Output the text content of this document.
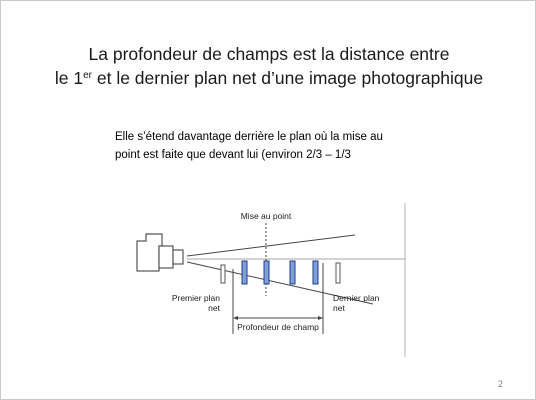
La profondeur de champs est la distance entre
le 1er et le dernier plan net d’une image photographique
Elle s’étend davantage derrière le plan où la mise au
point est faite que devant lui (environ 2/3 – 1/3
Mise au point
Premier plan
net
Dernier plan
net
Profondeur de champ
2
